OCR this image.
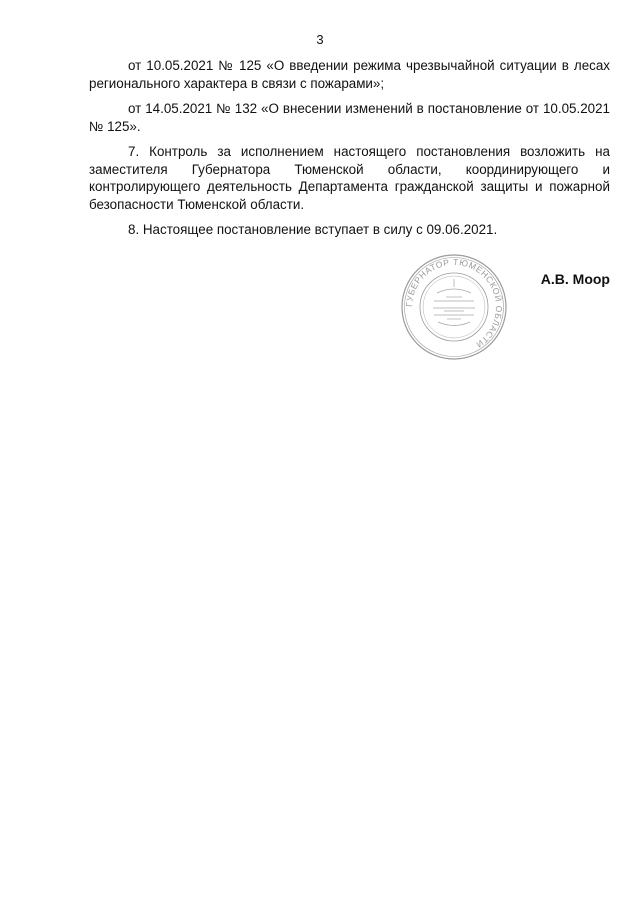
3

от 10.05.2021 № 125 «О введении режима чрезвычайной ситуации в лесах регионального характера в связи с пожарами»;

от 14.05.2021 № 132 «О внесении изменений в постановление от 10.05.2021 № 125».

7. Контроль за исполнением настоящего постановления возложить на заместителя Губернатора Тюменской области, координирующего и контролирующего деятельность Департамента гражданской защиты и пожарной безопасности Тюменской области.

8. Настоящее постановление вступает в силу с 09.06.2021.

ГУБЕРНАТОР ТЮМЕНСКОЙ ОБЛАСТИ
А.В. Моор
